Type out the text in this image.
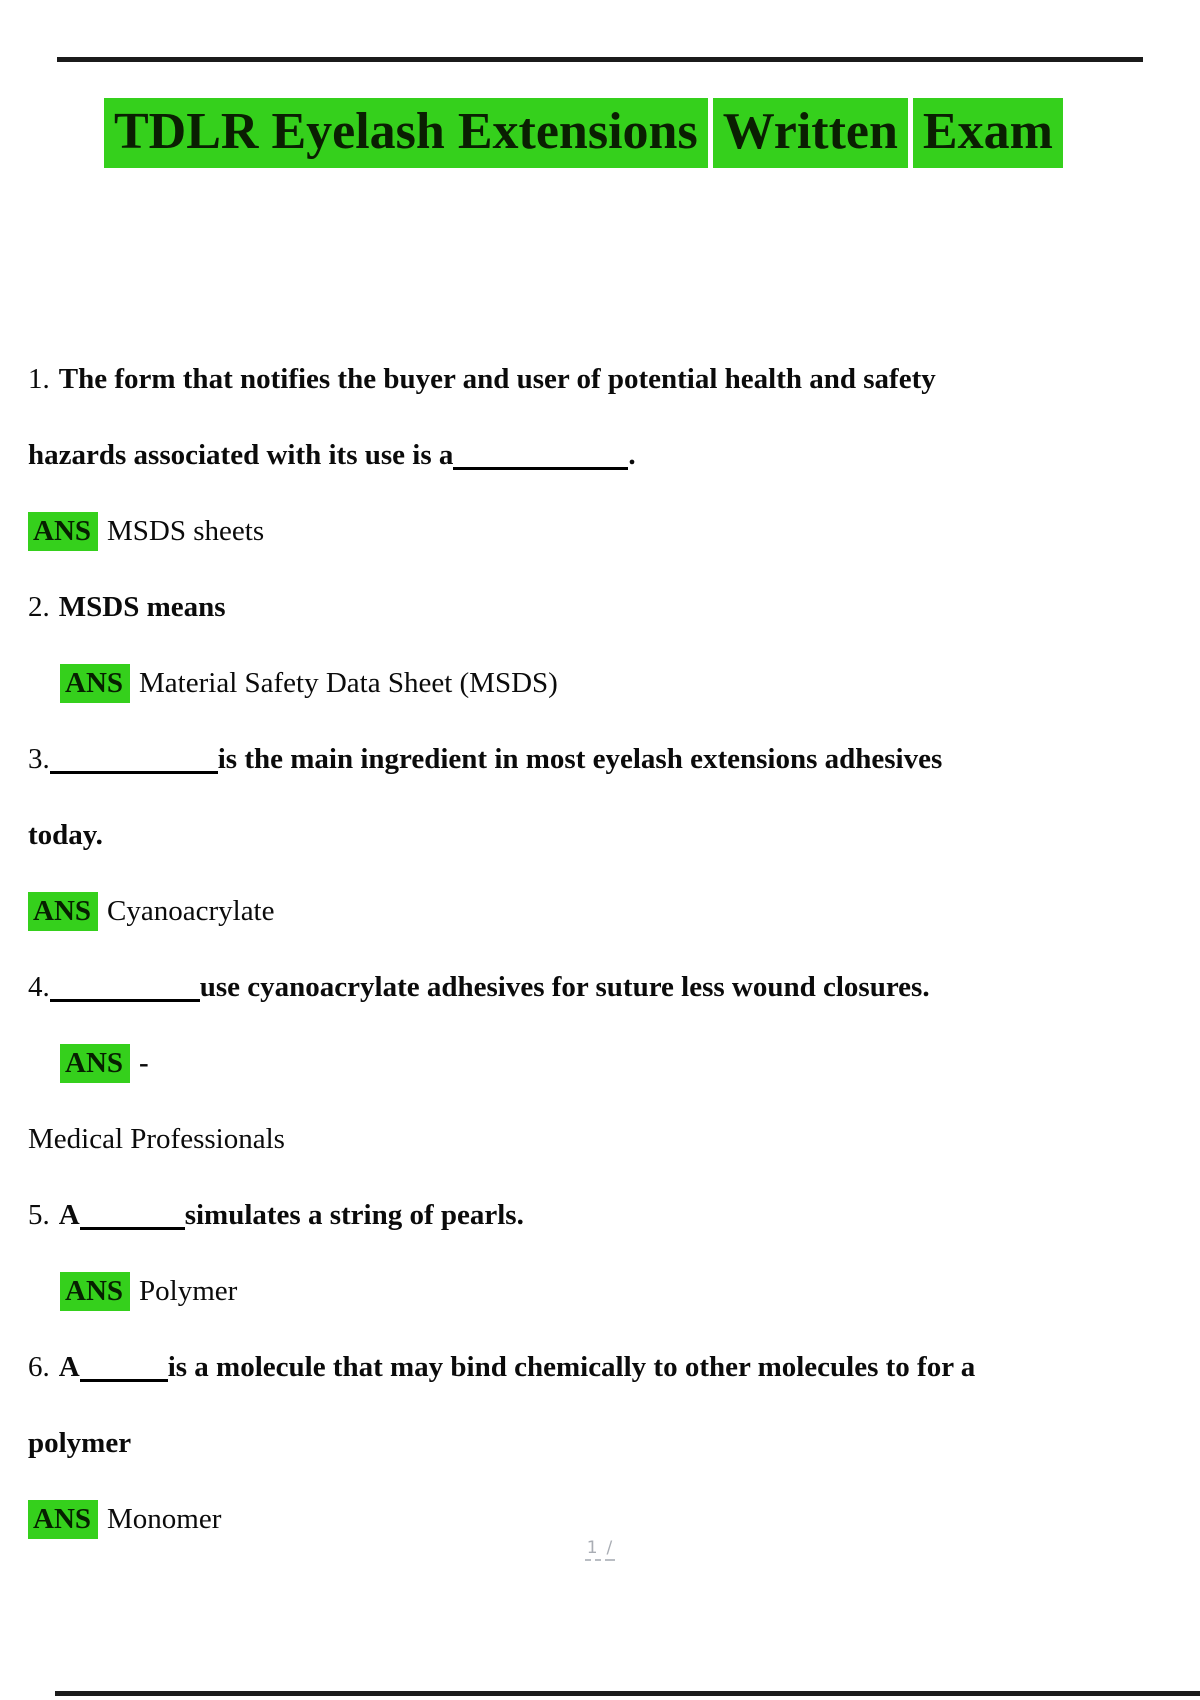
TDLR Eyelash Extensions Written Exam
1. The form that notifies the buyer and user of potential health and safety
hazards associated with its use is a	.
ANS MSDS sheets
2. MSDS means
ANS Material Safety Data Sheet (MSDS)
3.	is the main ingredient in most eyelash extensions adhesives
today.
ANS Cyanoacrylate
4.	use cyanoacrylate adhesives for suture less wound closures.
ANS -
Medical Professionals
5. A	simulates a string of pearls.
ANS Polymer
6. A	is a molecule that may bind chemically to other molecules to for a
polymer
ANS Monomer
1 /
